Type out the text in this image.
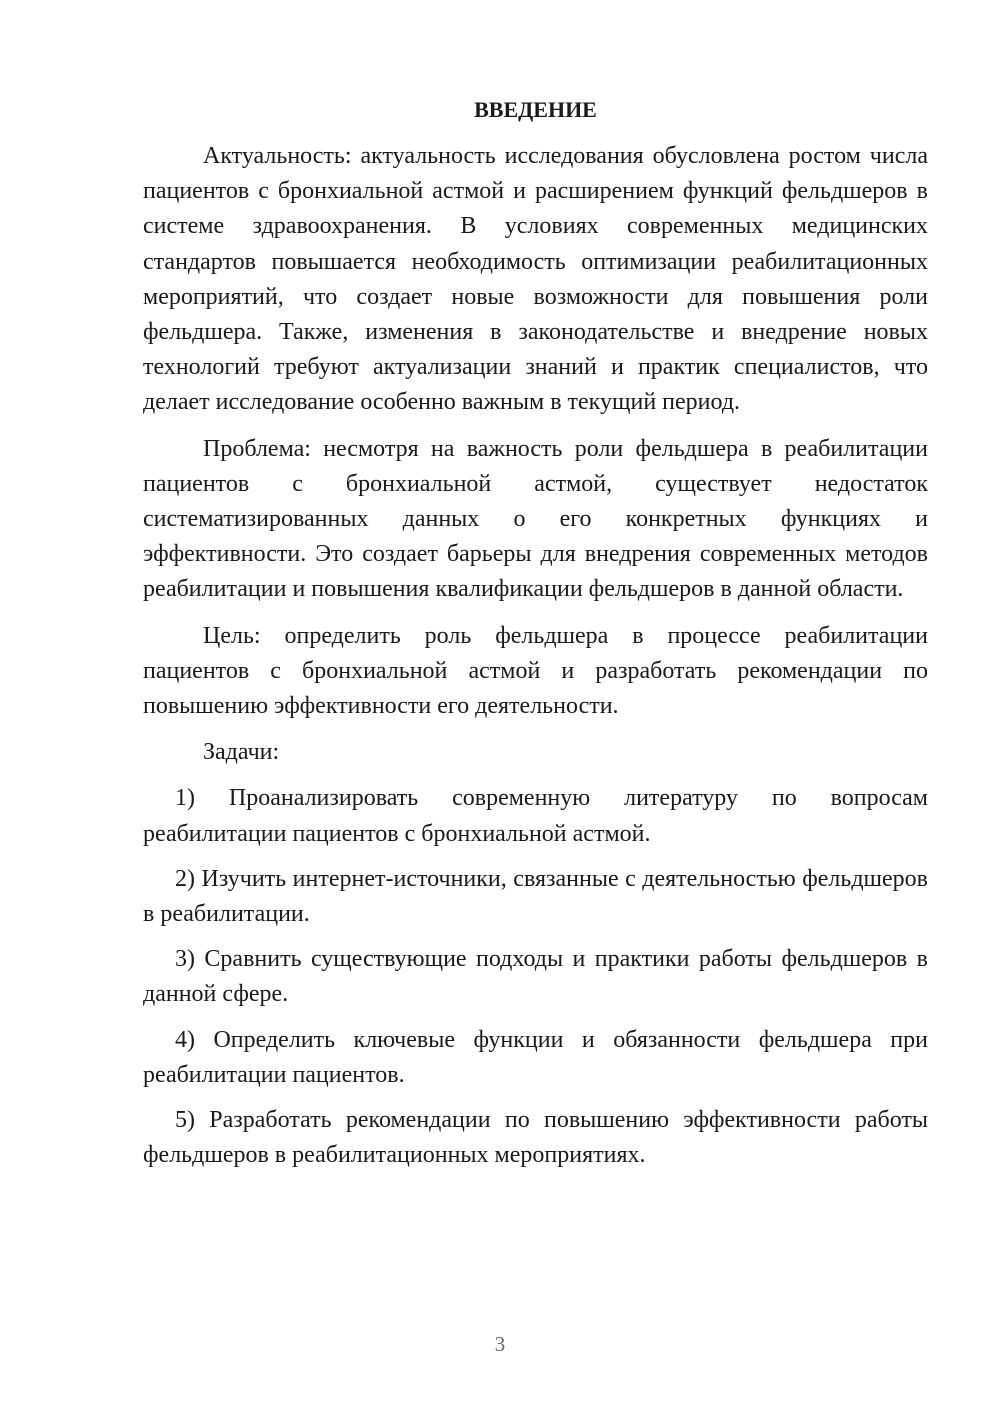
ВВЕДЕНИЕ

Актуальность: актуальность исследования обусловлена ростом числа пациентов с бронхиальной астмой и расширением функций фельдшеров в системе здравоохранения. В условиях современных медицинских стандартов повышается необходимость оптимизации реабилитационных мероприятий, что создает новые возможности для повышения роли фельдшера. Также, изменения в законодательстве и внедрение новых технологий требуют актуализации знаний и практик специалистов, что делает исследование особенно важным в текущий период.

Проблема: несмотря на важность роли фельдшера в реабилитации пациентов с бронхиальной астмой, существует недостаток систематизированных данных о его конкретных функциях и эффективности. Это создает барьеры для внедрения современных методов реабилитации и повышения квалификации фельдшеров в данной области.

Цель: определить роль фельдшера в процессе реабилитации пациентов с бронхиальной астмой и разработать рекомендации по повышению эффективности его деятельности.

Задачи:

1) Проанализировать современную литературу по вопросам реабилитации пациентов с бронхиальной астмой.

2) Изучить интернет-источники, связанные с деятельностью фельдшеров в реабилитации.

3) Сравнить существующие подходы и практики работы фельдшеров в данной сфере.

4) Определить ключевые функции и обязанности фельдшера при реабилитации пациентов.

5) Разработать рекомендации по повышению эффективности работы фельдшеров в реабилитационных мероприятиях.

3
